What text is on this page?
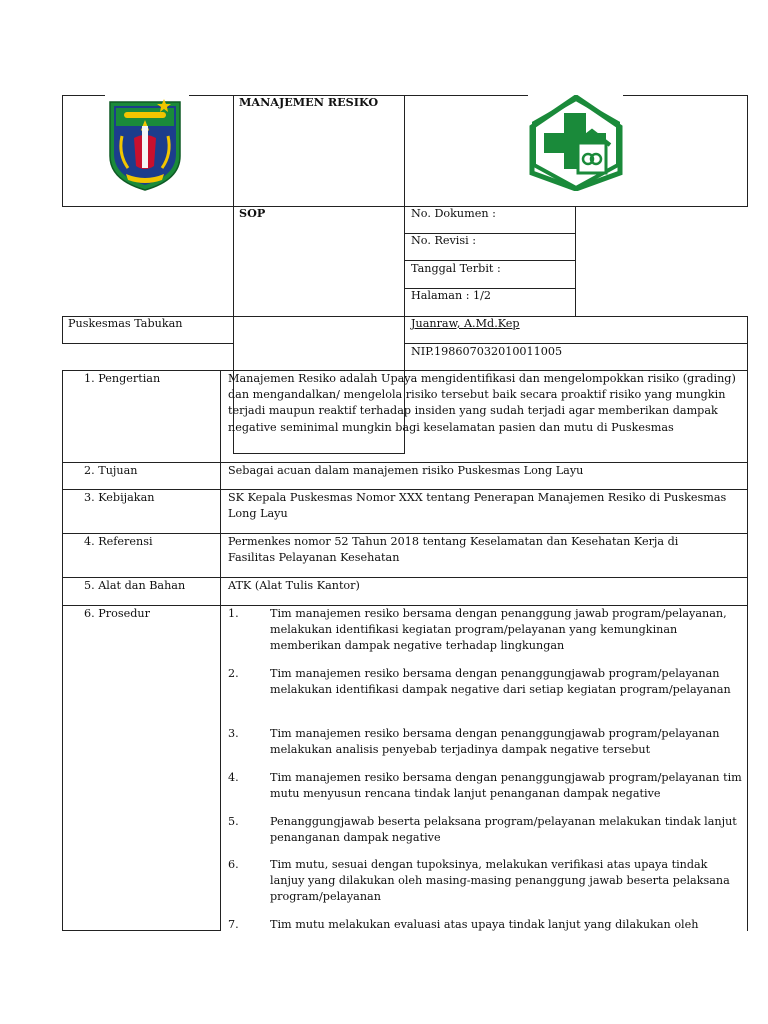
MANAJEMEN RESIKO
SOP	No. Dokumen :
No. Revisi :
Tanggal Terbit :
Halaman : 1/2
Puskesmas Tabukan	Juanraw, A.Md.Kep
NIP.198607032010011005
1. Pengertian	Manajemen Resiko adalah Upaya mengidentifikasi dan mengelompokkan risiko (grading) dan mengandalkan/ mengelola risiko tersebut baik secara proaktif risiko yang mungkin terjadi maupun reaktif terhadap insiden yang sudah terjadi agar memberikan dampak negative seminimal mungkin bagi keselamatan pasien dan mutu di Puskesmas
2. Tujuan	Sebagai acuan dalam manajemen risiko Puskesmas Long Layu
3. Kebijakan	SK Kepala Puskesmas Nomor XXX tentang Penerapan Manajemen Resiko di Puskesmas Long Layu
4. Referensi	Permenkes nomor 52 Tahun 2018 tentang Keselamatan dan Kesehatan Kerja di Fasilitas Pelayanan Kesehatan
5. Alat dan Bahan	ATK (Alat Tulis Kantor)
6. Prosedur	1.	Tim manajemen resiko bersama dengan penanggung jawab program/pelayanan, melakukan identifikasi kegiatan program/pelayanan yang kemungkinan memberikan dampak negative terhadap lingkungan
2.	Tim manajemen resiko bersama dengan penanggungjawab program/pelayanan melakukan identifikasi dampak negative dari setiap kegiatan program/pelayanan
3.	Tim manajemen resiko bersama dengan penanggungjawab program/pelayanan melakukan analisis penyebab terjadinya dampak negative tersebut
4.	Tim manajemen resiko bersama dengan penanggungjawab program/pelayanan tim mutu menyusun rencana tindak lanjut penanganan dampak negative
5.	Penanggungjawab beserta pelaksana program/pelayanan melakukan tindak lanjut penanganan dampak negative
6.	Tim mutu, sesuai dengan tupoksinya, melakukan verifikasi atas upaya tindak lanjuy yang dilakukan oleh masing-masing penanggung jawab beserta pelaksana program/pelayanan
7.	Tim mutu melakukan evaluasi atas upaya tindak lanjut yang dilakukan oleh
